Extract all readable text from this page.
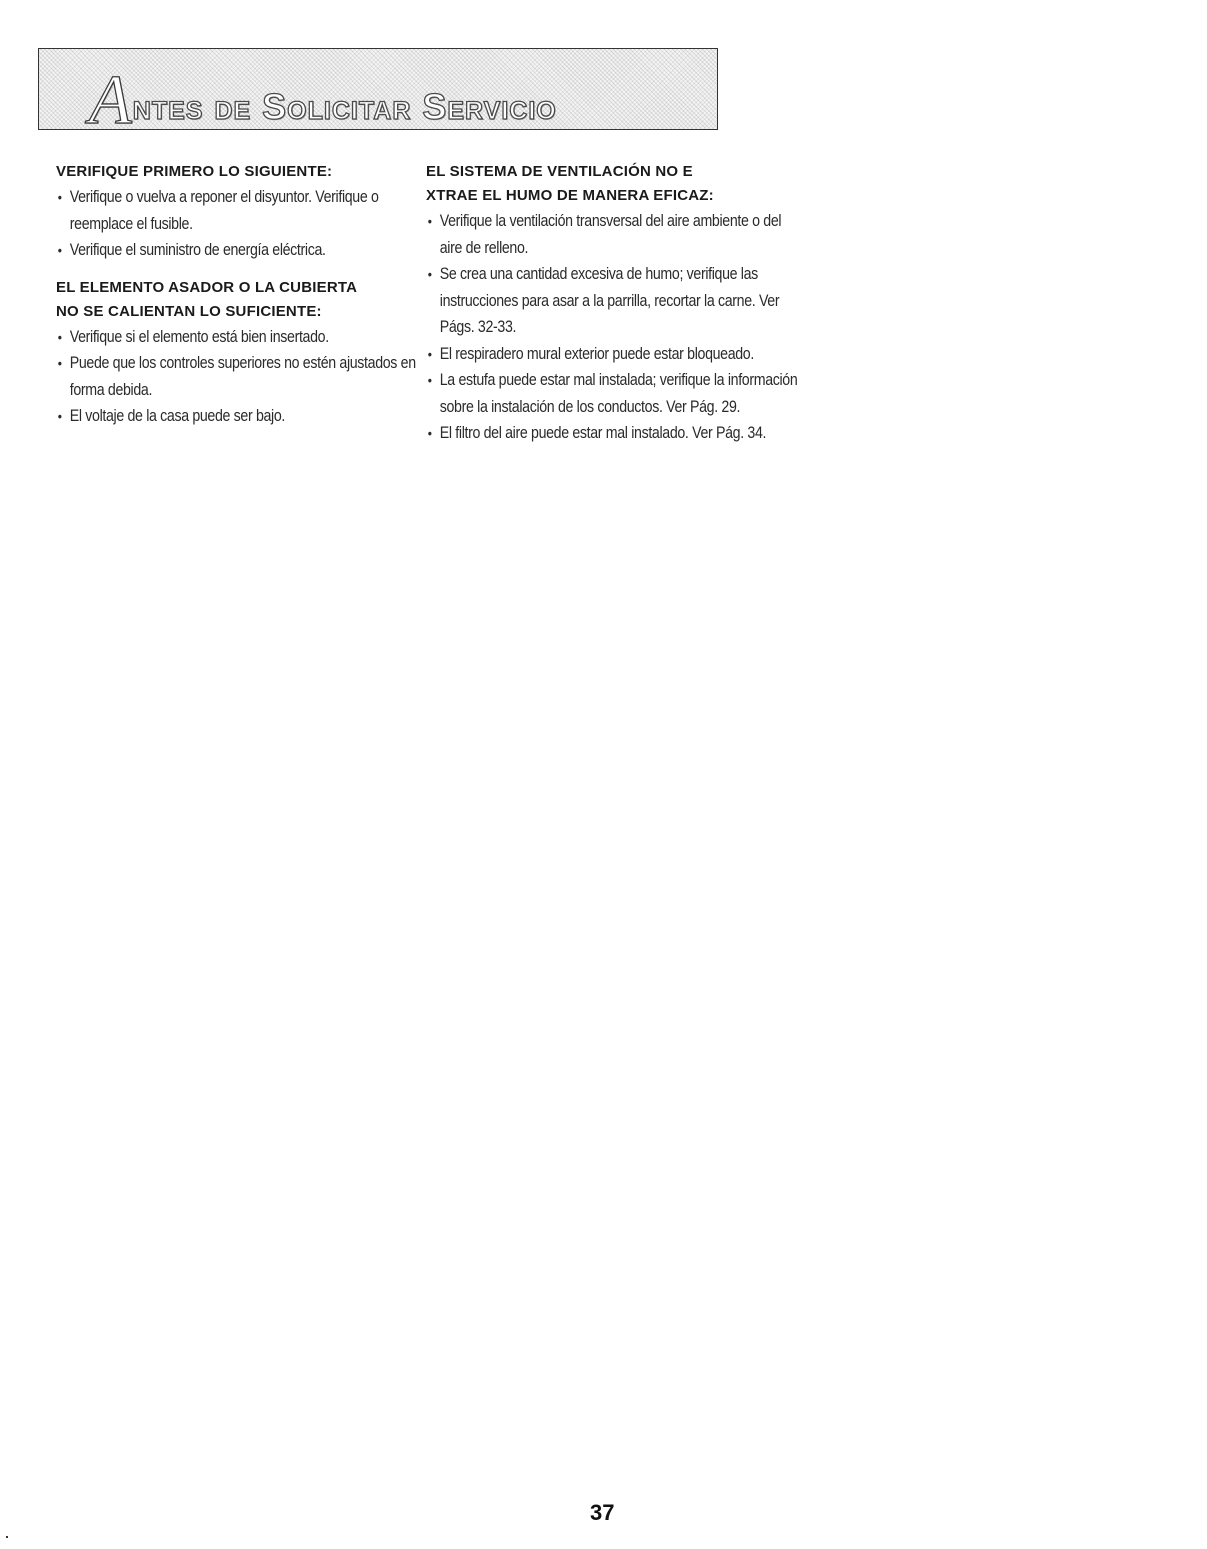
Antes de Solicitar Servicio
VERIFIQUE PRIMERO LO SIGUIENTE:
• Verifique o vuelva a reponer el disyuntor. Verifique o reemplace el fusible.
• Verifique el suministro de energía eléctrica.
EL ELEMENTO ASADOR O LA CUBIERTA
NO SE CALIENTAN LO SUFICIENTE:
• Verifique si el elemento está bien insertado.
• Puede que los controles superiores no estén ajustados en forma debida.
• El voltaje de la casa puede ser bajo.
EL SISTEMA DE VENTILACIÓN NO E
XTRAE EL HUMO DE MANERA EFICAZ:
• Verifique la ventilación transversal del aire ambiente o del aire de relleno.
• Se crea una cantidad excesiva de humo; verifique las instrucciones para asar a la parrilla, recortar la carne. Ver Págs. 32-33.
• El respiradero mural exterior puede estar bloqueado.
• La estufa puede estar mal instalada; verifique la información sobre la instalación de los conductos. Ver Pág. 29.
• El filtro del aire puede estar mal instalado. Ver Pág. 34.
37
